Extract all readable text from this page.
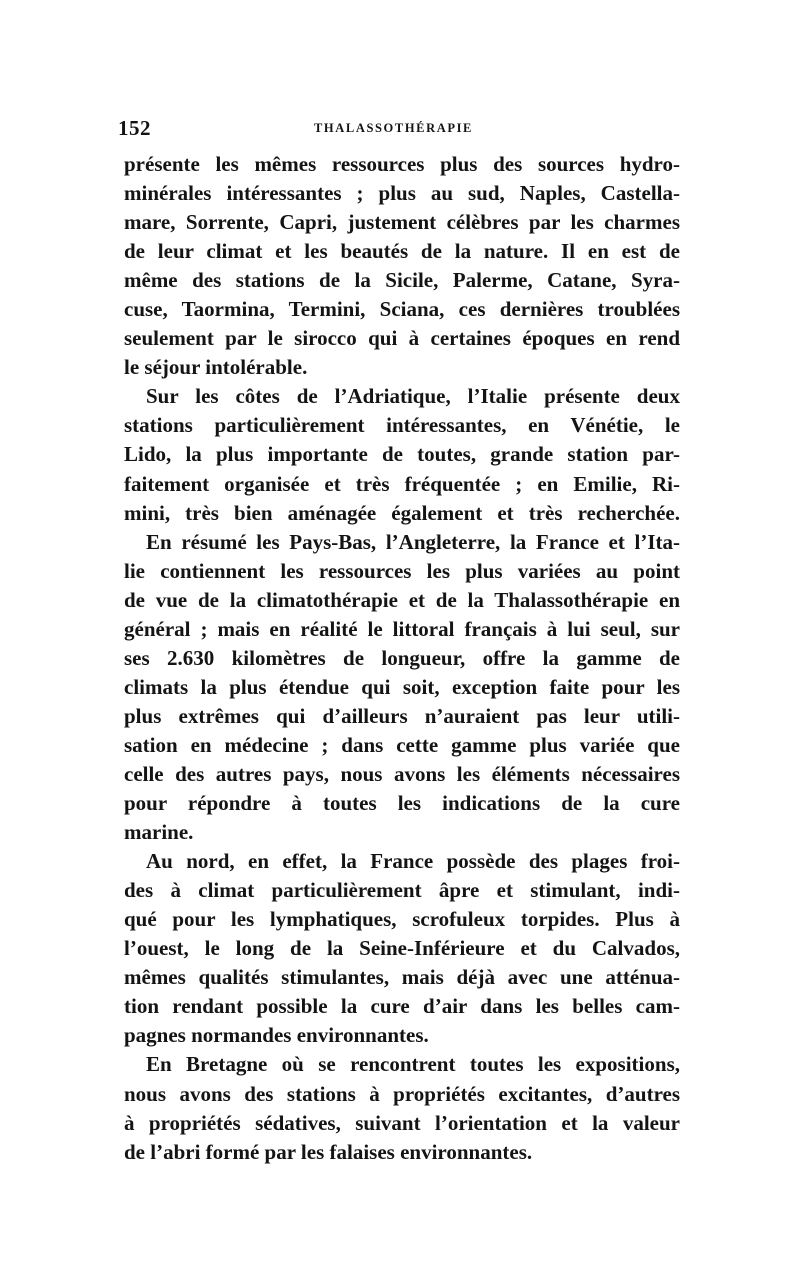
152	THALASSOTHÉRAPIE
présente les mêmes ressources plus des sources hydro-
minérales intéressantes ; plus au sud, Naples, Castella-
mare, Sorrente, Capri, justement célèbres par les charmes
de leur climat et les beautés de la nature. Il en est de
même des stations de la Sicile, Palerme, Catane, Syra-
cuse, Taormina, Termini, Sciana, ces dernières troublées
seulement par le sirocco qui à certaines époques en rend
le séjour intolérable.
Sur les côtes de l’Adriatique, l’Italie présente deux
stations particulièrement intéressantes, en Vénétie, le
Lido, la plus importante de toutes, grande station par-
faitement organisée et très fréquentée ; en Emilie, Ri-
mini, très bien aménagée également et très recherchée.
En résumé les Pays-Bas, l’Angleterre, la France et l’Ita-
lie contiennent les ressources les plus variées au point
de vue de la climatothérapie et de la Thalassothérapie en
général ; mais en réalité le littoral français à lui seul, sur
ses 2.630 kilomètres de longueur, offre la gamme de
climats la plus étendue qui soit, exception faite pour les
plus extrêmes qui d’ailleurs n’auraient pas leur utili-
sation en médecine ; dans cette gamme plus variée que
celle des autres pays, nous avons les éléments nécessaires
pour répondre à toutes les indications de la cure
marine.
Au nord, en effet, la France possède des plages froi-
des à climat particulièrement âpre et stimulant, indi-
qué pour les lymphatiques, scrofuleux torpides. Plus à
l’ouest, le long de la Seine-Inférieure et du Calvados,
mêmes qualités stimulantes, mais déjà avec une atténua-
tion rendant possible la cure d’air dans les belles cam-
pagnes normandes environnantes.
En Bretagne où se rencontrent toutes les expositions,
nous avons des stations à propriétés excitantes, d’autres
à propriétés sédatives, suivant l’orientation et la valeur
de l’abri formé par les falaises environnantes.
